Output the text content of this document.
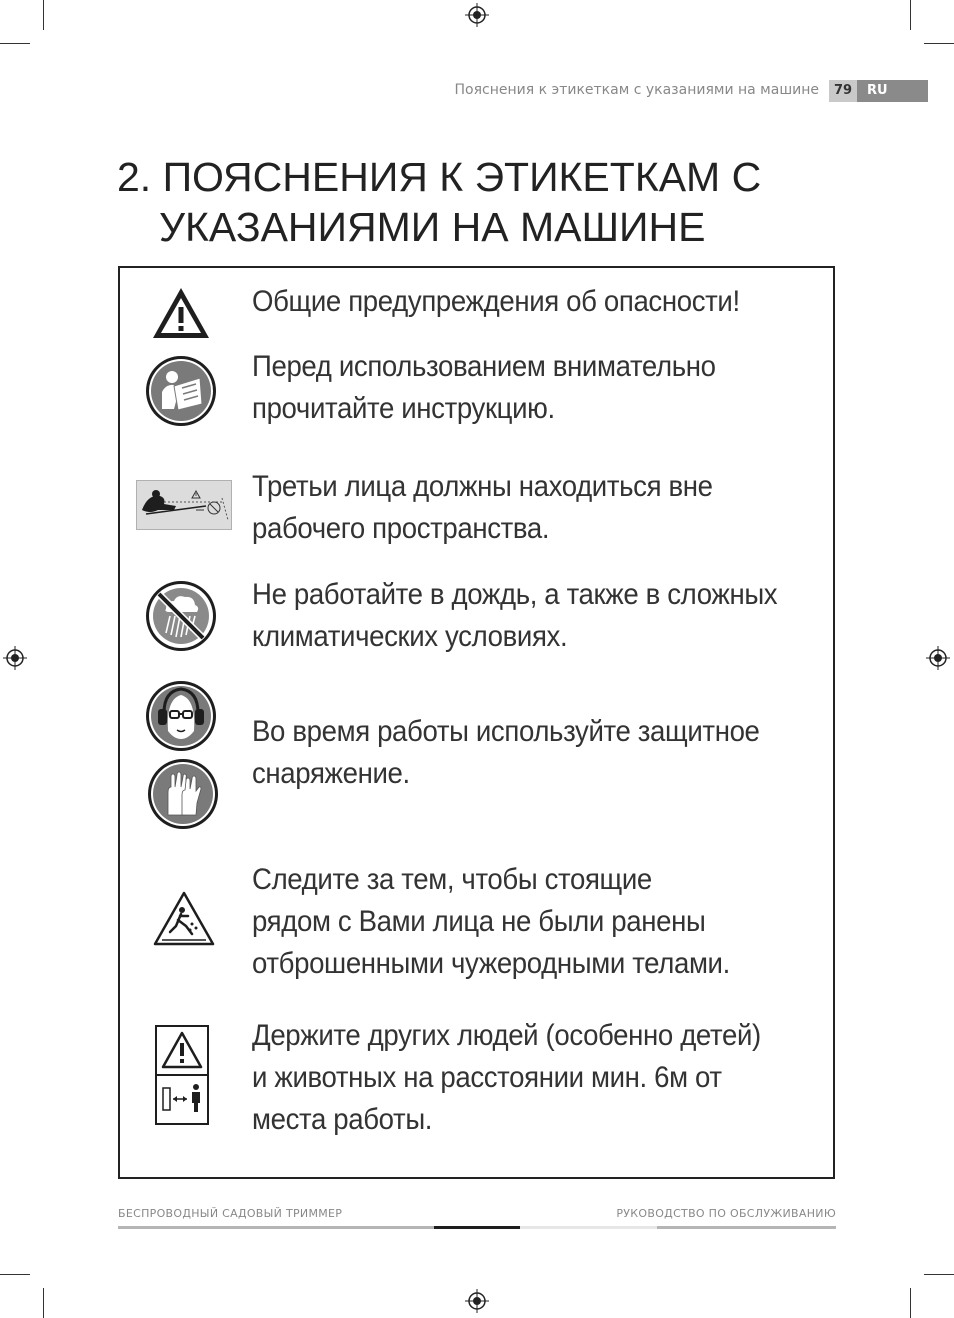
Пояснения к этикеткам с указаниями на машине	79	RU
2. ПОЯСНЕНИЯ К ЭТИКЕТКАМ С
УКАЗАНИЯМИ НА МАШИНЕ
Общие предупреждения об опасности!
Перед использованием внимательно
прочитайте инструкцию.
Третьи лица должны находиться вне
рабочего пространства.
Не работайте в дождь, а также в сложных
климатических условиях.
Во время работы используйте защитное
снаряжение.
Следите за тем, чтобы стоящие
рядом с Вами лица не были ранены
отброшенными чужеродными телами.
Держите других людей (особенно детей)
и животных на расстоянии мин. 6м от
места работы.
БЕСПРОВОДНЫЙ САДОВЫЙ ТРИММЕР	РУКОВОДСТВО ПО ОБСЛУЖИВАНИЮ
